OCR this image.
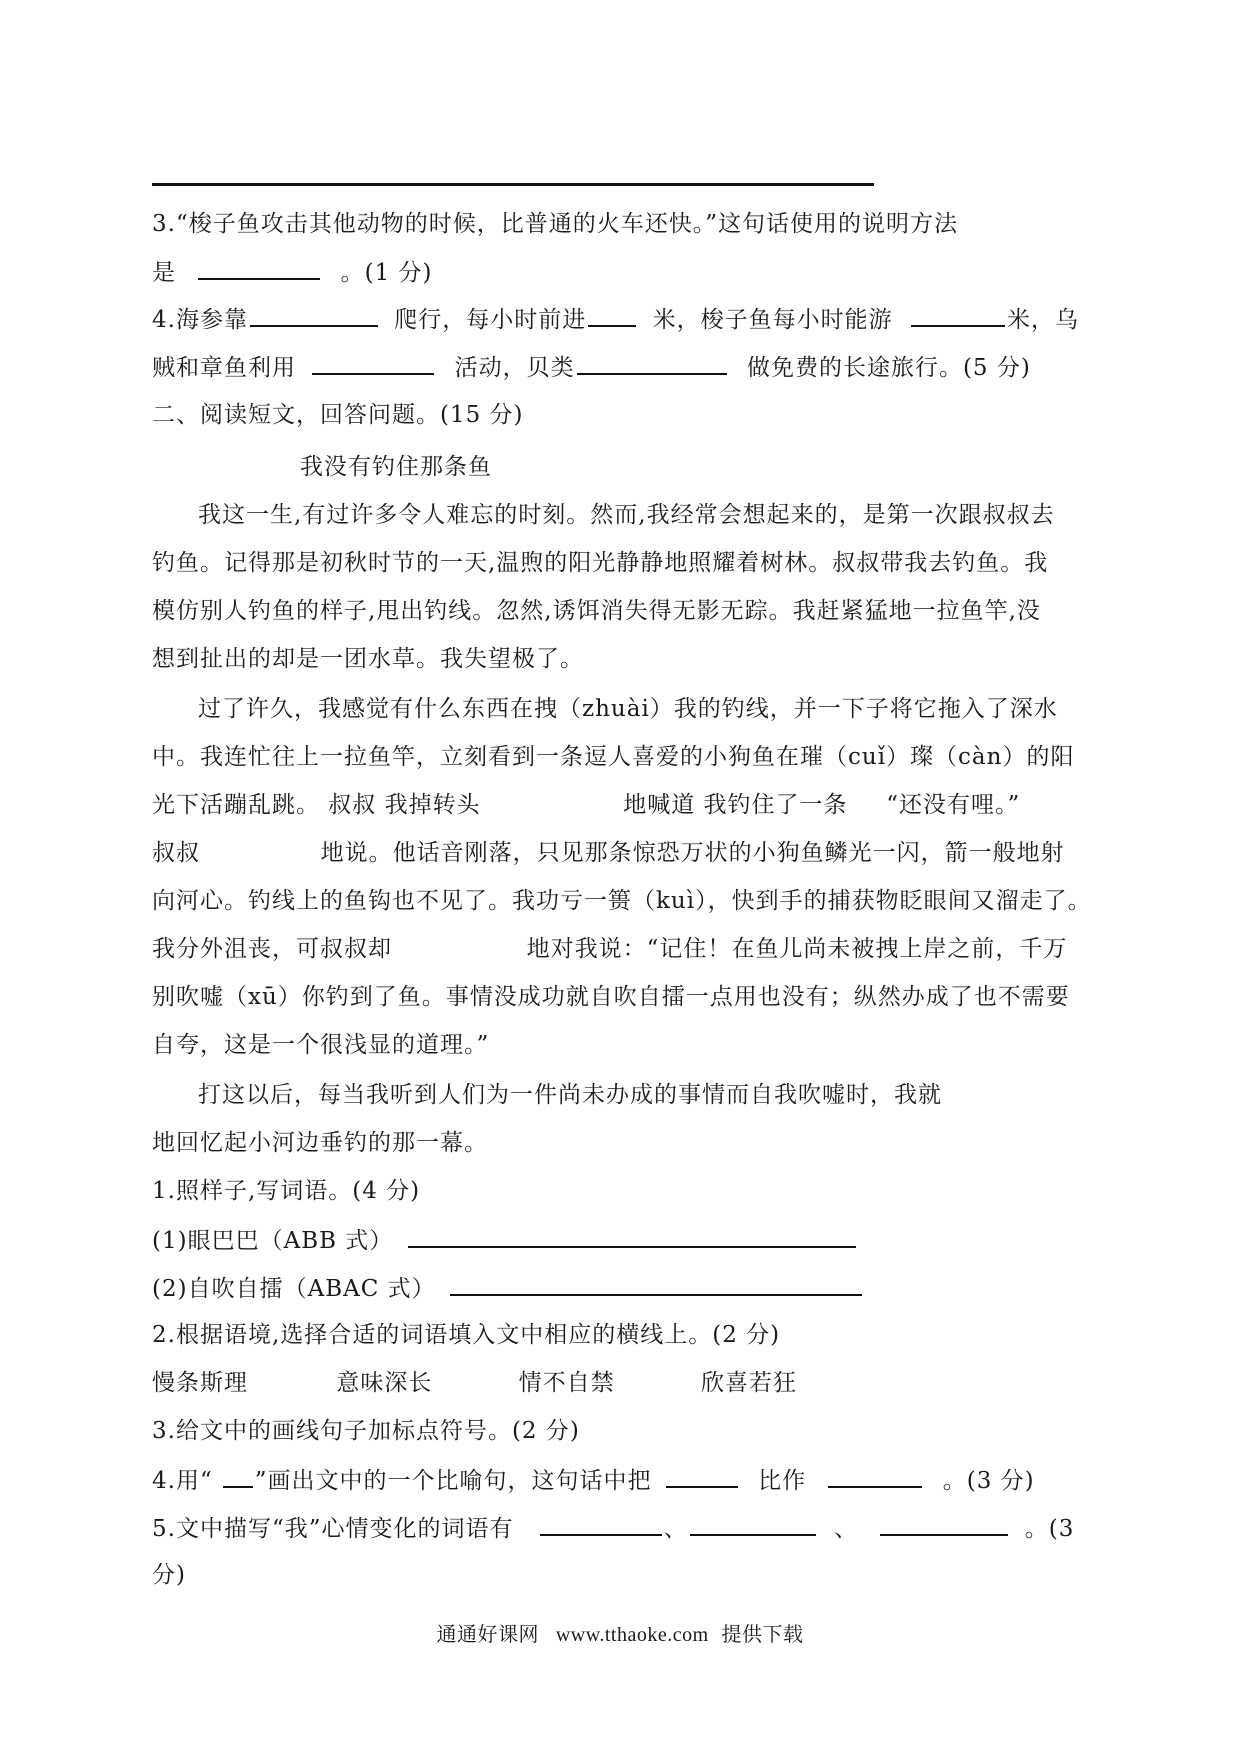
3.“梭子鱼攻击其他动物的时候，比普通的火车还快。”这句话使用的说明方法
是	。(1 分)
4.海参靠	爬行，每小时前进	米，梭子鱼每小时能游	米，乌
贼和章鱼利用	活动，贝类	做免费的长途旅行。(5 分)
二、阅读短文，回答问题。(15 分)
我没有钓住那条鱼
我这一生,有过许多令人难忘的时刻。然而,我经常会想起来的，是第一次跟叔叔去
钓鱼。记得那是初秋时节的一天,温煦的阳光静静地照耀着树林。叔叔带我去钓鱼。我
模仿别人钓鱼的样子,甩出钓线。忽然,诱饵消失得无影无踪。我赶紧猛地一拉鱼竿,没
想到扯出的却是一团水草。我失望极了。
过了许久，我感觉有什么东西在拽（zhuài）我的钓线，并一下子将它拖入了深水
中。我连忙往上一拉鱼竿，立刻看到一条逗人喜爱的小狗鱼在璀（cuǐ）璨（càn）的阳
光下活蹦乱跳。 叔叔 我掉转头	地喊道 我钓住了一条 “还没有哩。”
叔叔	地说。他话音刚落，只见那条惊恐万状的小狗鱼鳞光一闪，箭一般地射
向河心。钓线上的鱼钩也不见了。我功亏一篑（kuì），快到手的捕获物眨眼间又溜走了。
我分外沮丧，可叔叔却	地对我说：“记住！在鱼儿尚未被拽上岸之前，千万
别吹嘘（xū）你钓到了鱼。事情没成功就自吹自擂一点用也没有；纵然办成了也不需要
自夸，这是一个很浅显的道理。”
打这以后，每当我听到人们为一件尚未办成的事情而自我吹嘘时，我就
地回忆起小河边垂钓的那一幕。
1.照样子,写词语。(4 分)
(1)眼巴巴（ABB 式）
(2)自吹自擂（ABAC 式）
2.根据语境,选择合适的词语填入文中相应的横线上。(2 分)
慢条斯理	意味深长	情不自禁	欣喜若狂
3.给文中的画线句子加标点符号。(2 分)
4.用“ ”画出文中的一个比喻句，这句话中把	比作	。(3 分)
5.文中描写“我”心情变化的词语有	、	、	。(3
分)
通通好课网 www.tthaoke.com 提供下载
